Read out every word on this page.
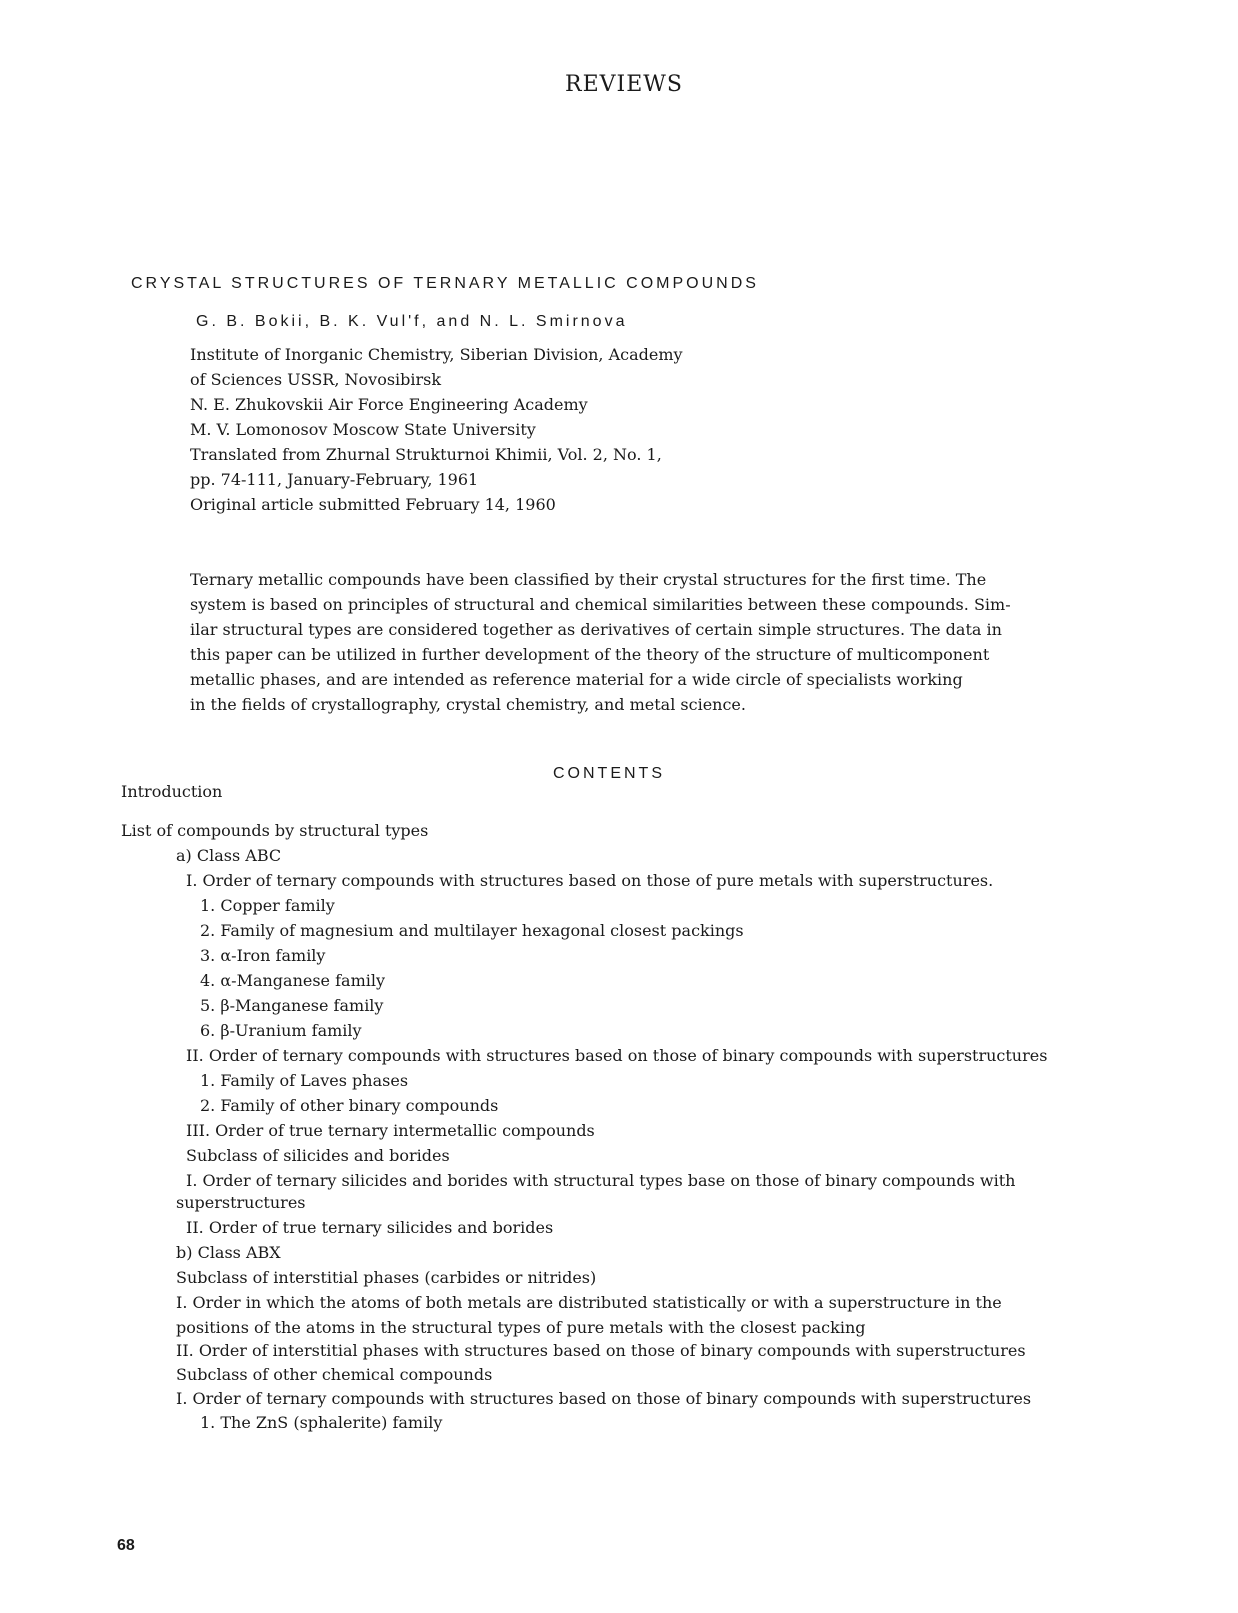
REVIEWS
CRYSTAL STRUCTURES OF TERNARY METALLIC COMPOUNDS
G. B. Bokii, B. K. Vul'f, and N. L. Smirnova
Institute of Inorganic Chemistry, Siberian Division, Academy
of Sciences USSR, Novosibirsk
N. E. Zhukovskii Air Force Engineering Academy
M. V. Lomonosov Moscow State University
Translated from Zhurnal Strukturnoi Khimii, Vol. 2, No. 1,
pp. 74-111, January-February, 1961
Original article submitted February 14, 1960
Ternary metallic compounds have been classified by their crystal structures for the first time. The
system is based on principles of structural and chemical similarities between these compounds. Sim-
ilar structural types are considered together as derivatives of certain simple structures. The data in
this paper can be utilized in further development of the theory of the structure of multicomponent
metallic phases, and are intended as reference material for a wide circle of specialists working
in the fields of crystallography, crystal chemistry, and metal science.
CONTENTS
Introduction
List of compounds by structural types
a) Class ABC
I. Order of ternary compounds with structures based on those of pure metals with superstructures.
1. Copper family
2. Family of magnesium and multilayer hexagonal closest packings
3. α-Iron family
4. α-Manganese family
5. β-Manganese family
6. β-Uranium family
II. Order of ternary compounds with structures based on those of binary compounds with superstructures
1. Family of Laves phases
2. Family of other binary compounds
III. Order of true ternary intermetallic compounds
Subclass of silicides and borides
I. Order of ternary silicides and borides with structural types base on those of binary compounds with
superstructures
II. Order of true ternary silicides and borides
b) Class ABX
Subclass of interstitial phases (carbides or nitrides)
I. Order in which the atoms of both metals are distributed statistically or with a superstructure in the
positions of the atoms in the structural types of pure metals with the closest packing
II. Order of interstitial phases with structures based on those of binary compounds with superstructures
Subclass of other chemical compounds
I. Order of ternary compounds with structures based on those of binary compounds with superstructures
1. The ZnS (sphalerite) family
68
